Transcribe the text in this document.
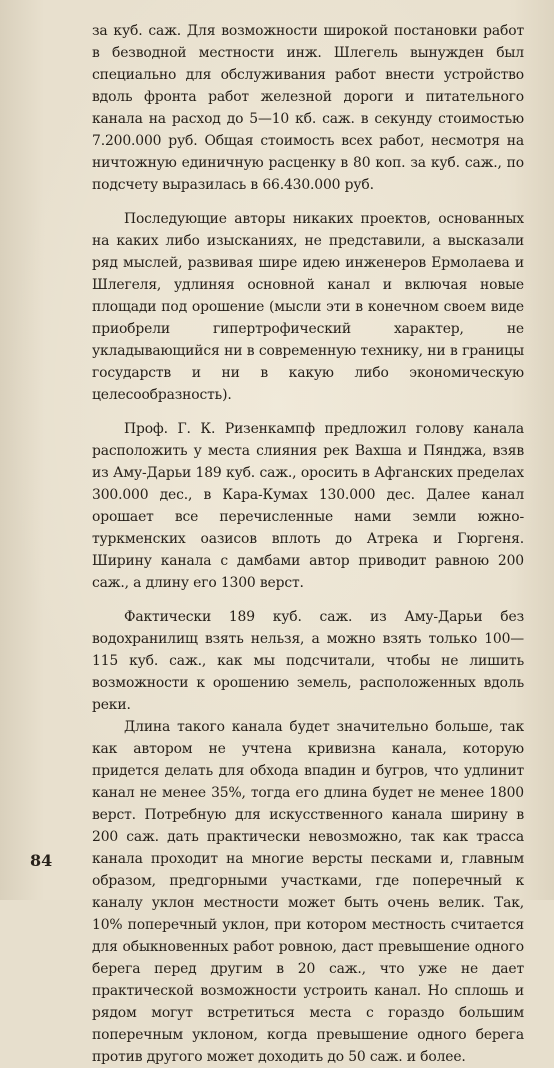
за куб. саж. Для возможности широкой постановки работ в безводной местности инж. Шлегель вынужден был специально для обслуживания работ внести устройство вдоль фронта работ железной дороги и питательного канала на расход до 5—10 кб. саж. в секунду стоимостью 7.200.000 руб. Общая стоимость всех работ, несмотря на ничтожную единичную расценку в 80 коп. за куб. саж., по подсчету выразилась в 66.430.000 руб.

Последующие авторы никаких проектов, основанных на каких либо изысканиях, не представили, а высказали ряд мыслей, развивая шире идею инженеров Ермолаева и Шлегеля, удлиняя основной канал и включая новые площади под орошение (мысли эти в конечном своем виде приобрели гипертрофический характер, не укладывающийся ни в современную технику, ни в границы государств и ни в какую либо экономическую целесообразность).

Проф. Г. К. Ризенкампф предложил голову канала расположить у места слияния рек Вахша и Пянджа, взяв из Аму-Дарьи 189 куб. саж., оросить в Афганских пределах 300.000 дес., в Кара-Кумах 130.000 дес. Далее канал орошает все перечисленные нами земли южно-туркменских оазисов вплоть до Атрека и Гюргеня. Ширину канала с дамбами автор приводит равною 200 саж., а длину его 1300 верст.

Фактически 189 куб. саж. из Аму-Дарьи без водохранилищ взять нельзя, а можно взять только 100—115 куб. саж., как мы подсчитали, чтобы не лишить возможности к орошению земель, расположенных вдоль реки.

Длина такого канала будет значительно больше, так как автором не учтена кривизна канала, которую придется делать для обхода впадин и бугров, что удлинит канал не менее 35%, тогда его длина будет не менее 1800 верст. Потребную для искусственного канала ширину в 200 саж. дать практически невозможно, так как трасса канала проходит на многие версты песками и, главным образом, предгорными участками, где поперечный к каналу уклон местности может быть очень велик. Так, 10% поперечный уклон, при котором местность считается для обыкновенных работ ровною, даст превышение одного берега перед другим в 20 саж., что уже не дает практической возможности устроить канал. Но сплошь и рядом могут встретиться места с гораздо большим поперечным уклоном, когда превышение одного берега против другого может доходить до 50 саж. и более.

84
